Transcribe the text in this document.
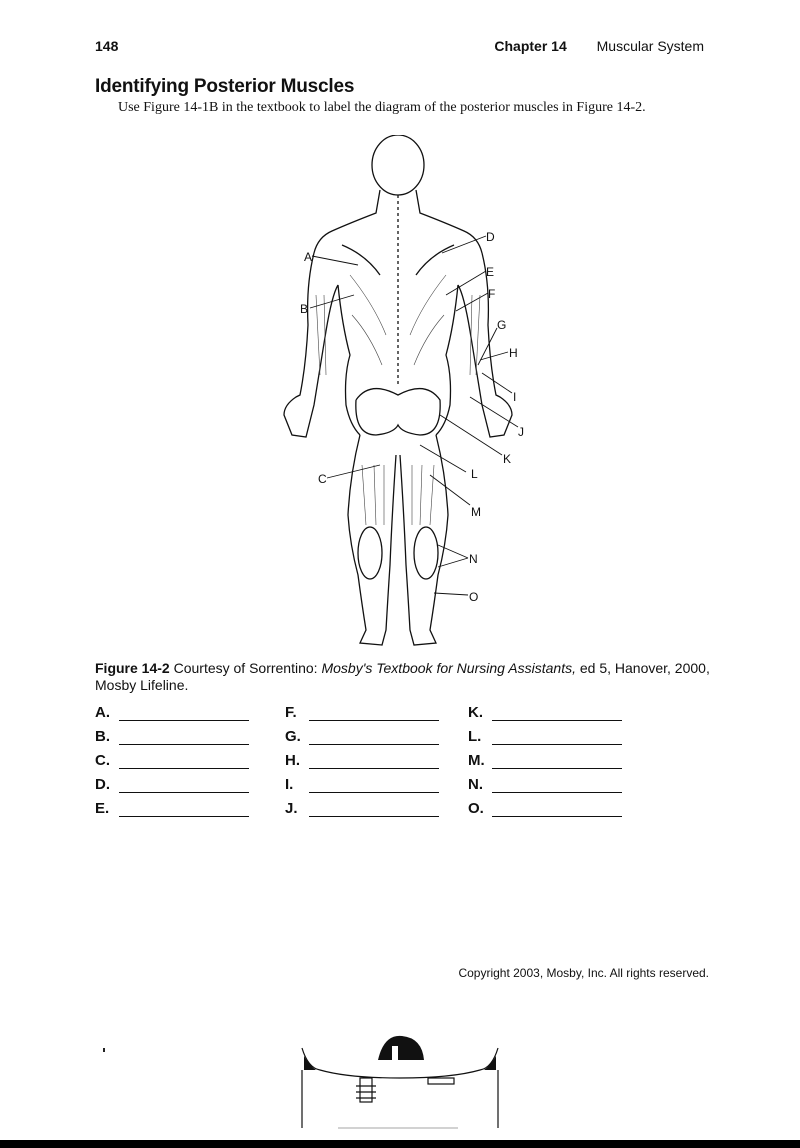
148	Chapter 14 Muscular System
Identifying Posterior Muscles
Use Figure 14-1B in the textbook to label the diagram of the posterior muscles in Figure 14-2.
A
B
C
D
E
F
G
H
I
J
K
L
M
N
O
Figure 14-2 Courtesy of Sorrentino: Mosby's Textbook for Nursing Assistants, ed 5, Hanover, 2000, Mosby Lifeline.
A.
B.
C.
D.
E.
F.
G.
H.
I.
J.
K.
L.
M.
N.
O.
Copyright 2003, Mosby, Inc. All rights reserved.
